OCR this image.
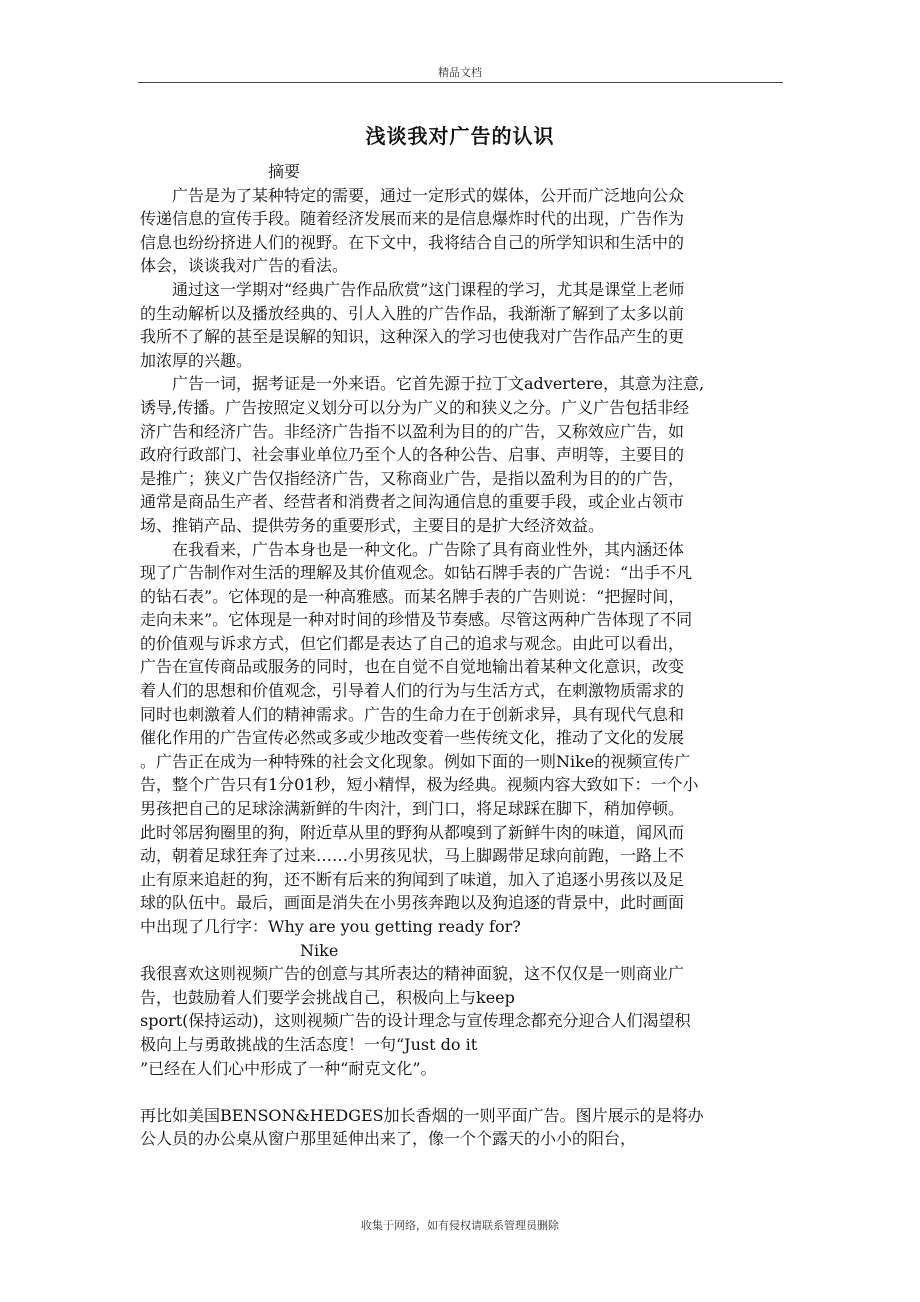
精品文档
浅谈我对广告的认识
　　　　　　　　摘要
　　广告是为了某种特定的需要，通过一定形式的媒体，公开而广泛地向公众
传递信息的宣传手段。随着经济发展而来的是信息爆炸时代的出现，广告作为
信息也纷纷挤进人们的视野。在下文中，我将结合自己的所学知识和生活中的
体会，谈谈我对广告的看法。
　　通过这一学期对“经典广告作品欣赏”这门课程的学习，尤其是课堂上老师
的生动解析以及播放经典的、引人入胜的广告作品，我渐渐了解到了太多以前
我所不了解的甚至是误解的知识，这种深入的学习也使我对广告作品产生的更
加浓厚的兴趣。
　　广告一词，据考证是一外来语。它首先源于拉丁文advertere，其意为注意,
诱导,传播。广告按照定义划分可以分为广义的和狭义之分。广义广告包括非经
济广告和经济广告。非经济广告指不以盈利为目的的广告，又称效应广告，如
政府行政部门、社会事业单位乃至个人的各种公告、启事、声明等，主要目的
是推广；狭义广告仅指经济广告，又称商业广告，是指以盈利为目的的广告，
通常是商品生产者、经营者和消费者之间沟通信息的重要手段，或企业占领市
场、推销产品、提供劳务的重要形式，主要目的是扩大经济效益。
　　在我看来，广告本身也是一种文化。广告除了具有商业性外，其内涵还体
现了广告制作对生活的理解及其价值观念。如钻石牌手表的广告说：“出手不凡
的钻石表”。它体现的是一种高雅感。而某名牌手表的广告则说：“把握时间，
走向未来”。它体现是一种对时间的珍惜及节奏感。尽管这两种广告体现了不同
的价值观与诉求方式，但它们都是表达了自己的追求与观念。由此可以看出，
广告在宣传商品或服务的同时，也在自觉不自觉地输出着某种文化意识，改变
着人们的思想和价值观念，引导着人们的行为与生活方式，在刺激物质需求的
同时也刺激着人们的精神需求。广告的生命力在于创新求异，具有现代气息和
催化作用的广告宣传必然或多或少地改变着一些传统文化，推动了文化的发展
。广告正在成为一种特殊的社会文化现象。例如下面的一则Nike的视频宣传广
告，整个广告只有1分01秒，短小精悍，极为经典。视频内容大致如下：一个小
男孩把自己的足球涂满新鲜的牛肉汁，到门口，将足球踩在脚下，稍加停顿。
此时邻居狗圈里的狗，附近草从里的野狗从都嗅到了新鲜牛肉的味道，闻风而
动，朝着足球狂奔了过来……小男孩见状，马上脚踢带足球向前跑，一路上不
止有原来追赶的狗，还不断有后来的狗闻到了味道，加入了追逐小男孩以及足
球的队伍中。最后，画面是消失在小男孩奔跑以及狗追逐的背景中，此时画面
中出现了几行字：Why are you getting ready for?
　　　　　　　　　　Nike
我很喜欢这则视频广告的创意与其所表达的精神面貌，这不仅仅是一则商业广
告，也鼓励着人们要学会挑战自己，积极向上与keep
sport(保持运动)，这则视频广告的设计理念与宣传理念都充分迎合人们渴望积
极向上与勇敢挑战的生活态度！一句“Just do it
”已经在人们心中形成了一种“耐克文化”。

再比如美国BENSON&HEDGES加长香烟的一则平面广告。图片展示的是将办
公人员的办公桌从窗户那里延伸出来了，像一个个露天的小小的阳台，
收集于网络，如有侵权请联系管理员删除
